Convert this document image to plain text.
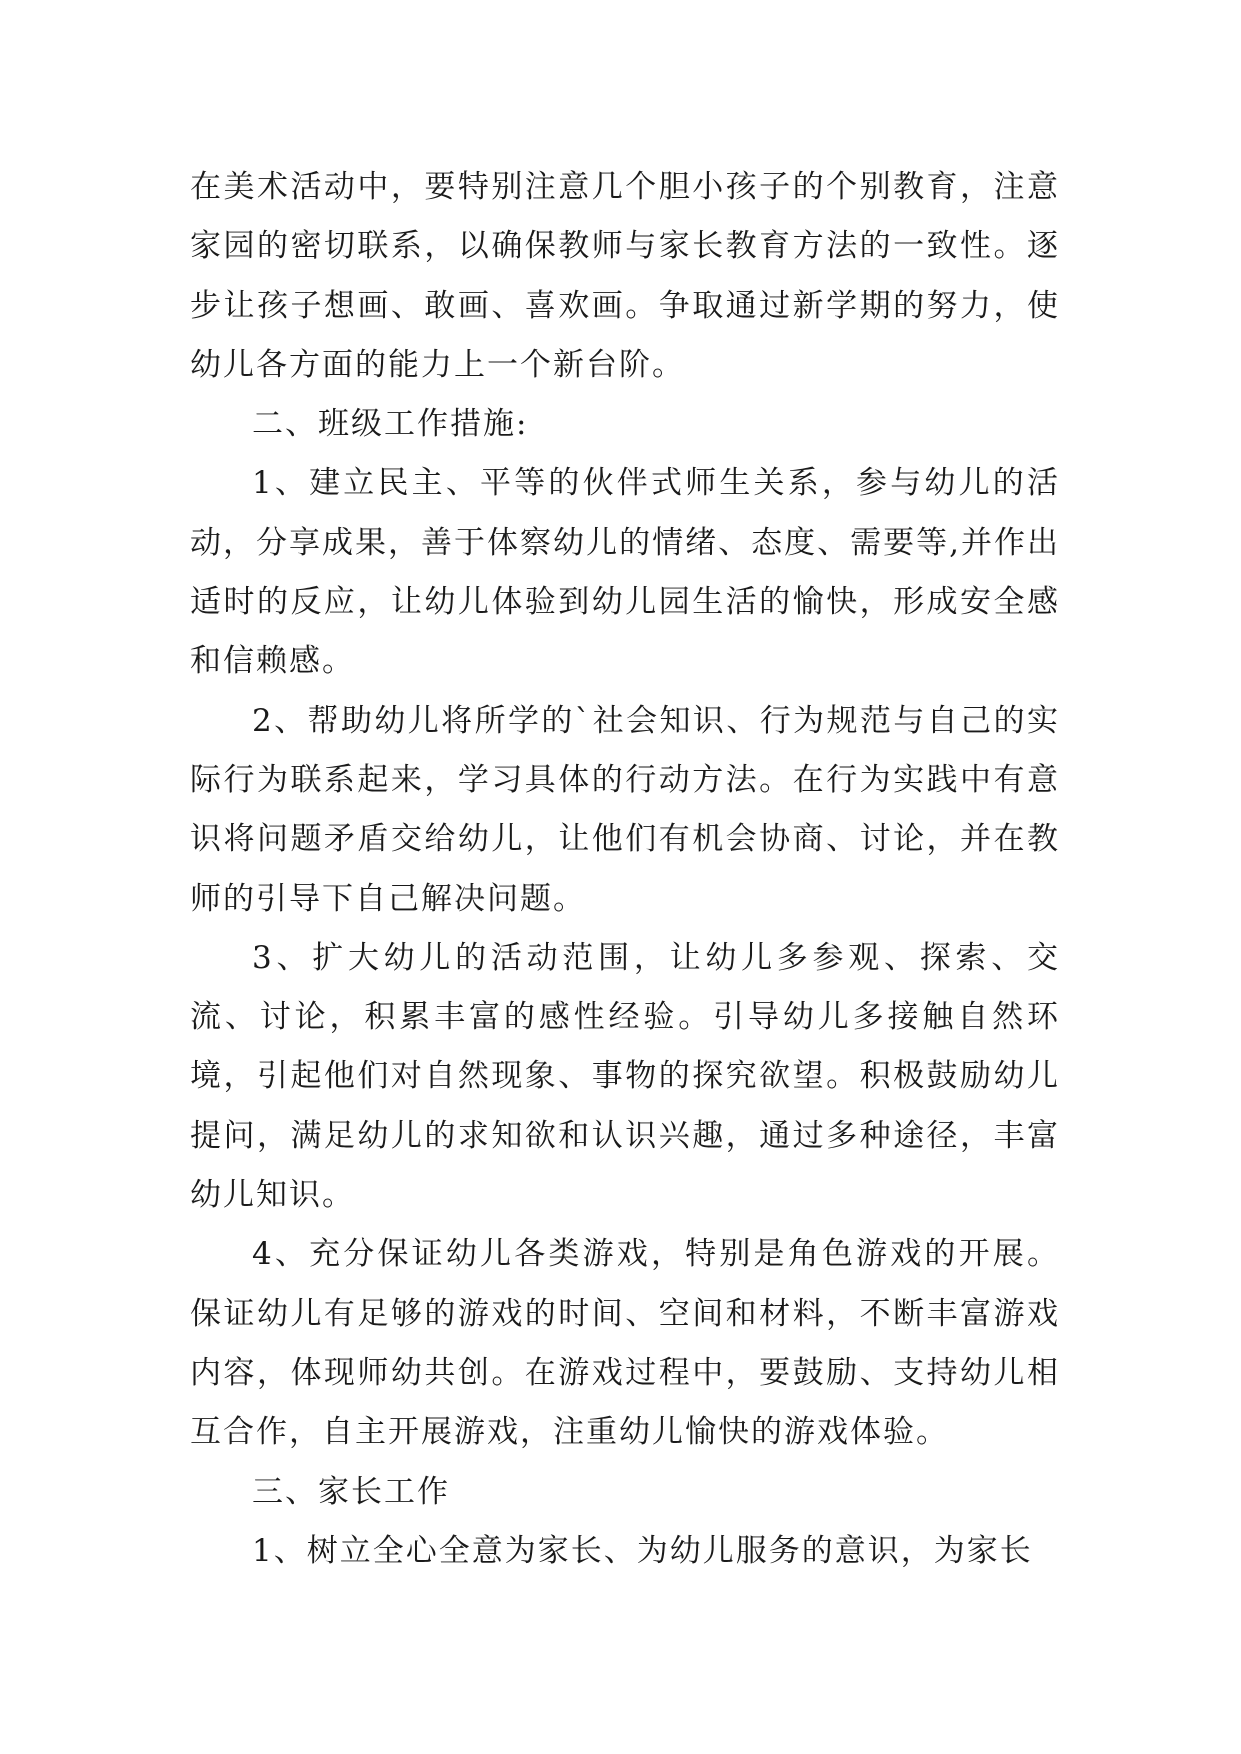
在美术活动中，要特别注意几个胆小孩子的个别教育，注意家园的密切联系，以确保教师与家长教育方法的一致性。逐步让孩子想画、敢画、喜欢画。争取通过新学期的努力，使幼儿各方面的能力上一个新台阶。

二、班级工作措施:

1、建立民主、平等的伙伴式师生关系，参与幼儿的活动，分享成果，善于体察幼儿的情绪、态度、需要等,并作出适时的反应，让幼儿体验到幼儿园生活的愉快，形成安全感和信赖感。

2、帮助幼儿将所学的`社会知识、行为规范与自己的实际行为联系起来，学习具体的行动方法。在行为实践中有意识将问题矛盾交给幼儿，让他们有机会协商、讨论，并在教师的引导下自己解决问题。

3、扩大幼儿的活动范围，让幼儿多参观、探索、交流、讨论，积累丰富的感性经验。引导幼儿多接触自然环境，引起他们对自然现象、事物的探究欲望。积极鼓励幼儿提问，满足幼儿的求知欲和认识兴趣，通过多种途径，丰富幼儿知识。

4、充分保证幼儿各类游戏，特别是角色游戏的开展。保证幼儿有足够的游戏的时间、空间和材料，不断丰富游戏内容，体现师幼共创。在游戏过程中，要鼓励、支持幼儿相互合作，自主开展游戏，注重幼儿愉快的游戏体验。

三、家长工作

1、树立全心全意为家长、为幼儿服务的意识，为家长
